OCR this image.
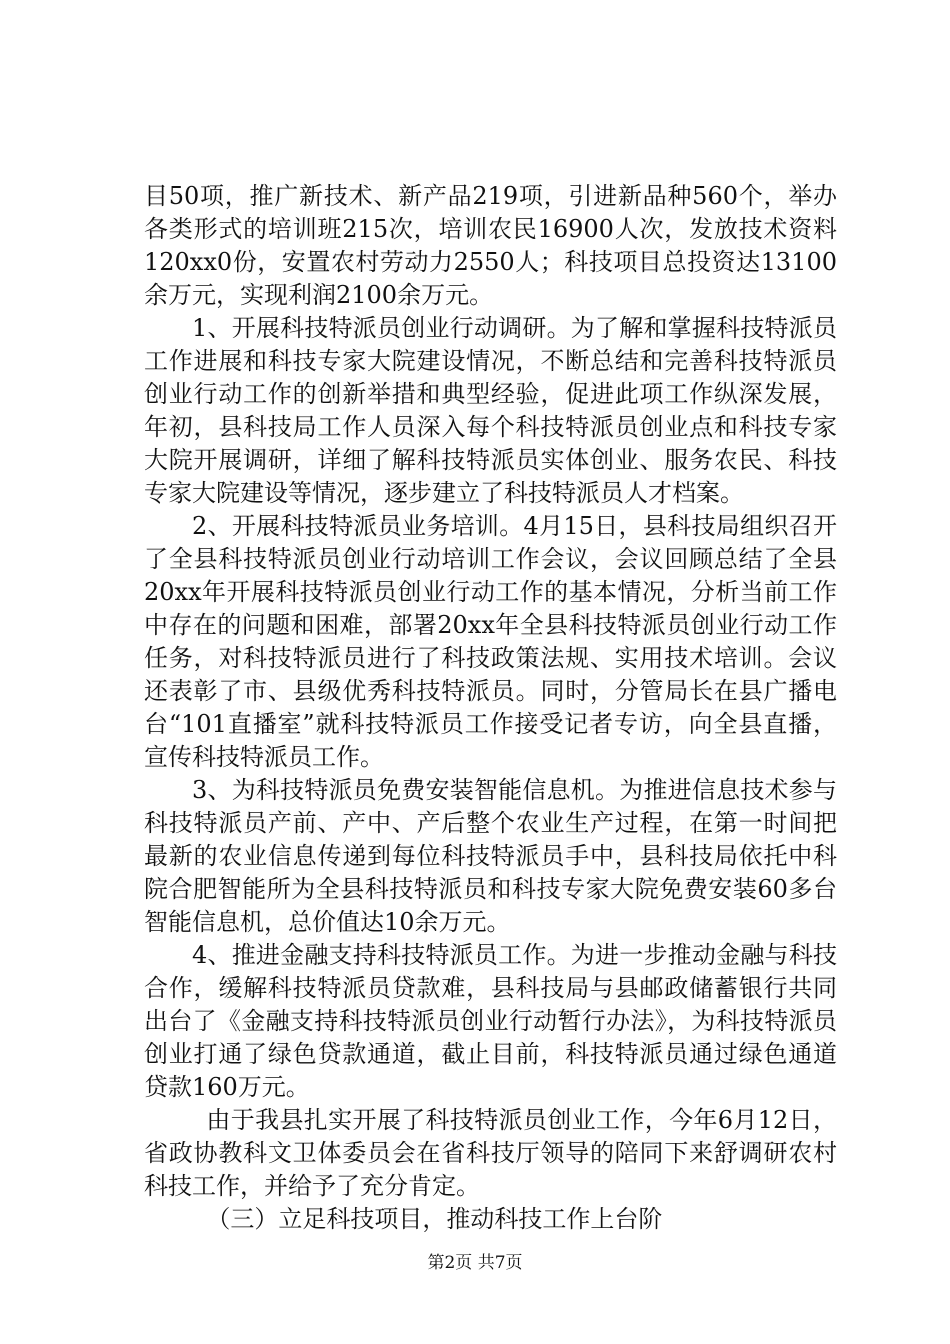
目50项，推广新技术、新产品219项，引进新品种560个，举办各类形式的培训班215次，培训农民16900人次，发放技术资料120xx0份，安置农村劳动力2550人；科技项目总投资达13100余万元，实现利润2100余万元。

1、开展科技特派员创业行动调研。为了解和掌握科技特派员工作进展和科技专家大院建设情况，不断总结和完善科技特派员创业行动工作的创新举措和典型经验，促进此项工作纵深发展，年初，县科技局工作人员深入每个科技特派员创业点和科技专家大院开展调研，详细了解科技特派员实体创业、服务农民、科技专家大院建设等情况，逐步建立了科技特派员人才档案。

2、开展科技特派员业务培训。4月15日，县科技局组织召开了全县科技特派员创业行动培训工作会议，会议回顾总结了全县20xx年开展科技特派员创业行动工作的基本情况，分析当前工作中存在的问题和困难，部署20xx年全县科技特派员创业行动工作任务，对科技特派员进行了科技政策法规、实用技术培训。会议还表彰了市、县级优秀科技特派员。同时，分管局长在县广播电台“101直播室”就科技特派员工作接受记者专访，向全县直播，宣传科技特派员工作。

3、为科技特派员免费安装智能信息机。为推进信息技术参与科技特派员产前、产中、产后整个农业生产过程，在第一时间把最新的农业信息传递到每位科技特派员手中，县科技局依托中科院合肥智能所为全县科技特派员和科技专家大院免费安装60多台智能信息机，总价值达10余万元。

4、推进金融支持科技特派员工作。为进一步推动金融与科技合作，缓解科技特派员贷款难，县科技局与县邮政储蓄银行共同出台了《金融支持科技特派员创业行动暂行办法》，为科技特派员创业打通了绿色贷款通道，截止目前，科技特派员通过绿色通道贷款160万元。

由于我县扎实开展了科技特派员创业工作，今年6月12日，省政协教科文卫体委员会在省科技厅领导的陪同下来舒调研农村科技工作，并给予了充分肯定。

（三）立足科技项目，推动科技工作上台阶

第2页 共7页
